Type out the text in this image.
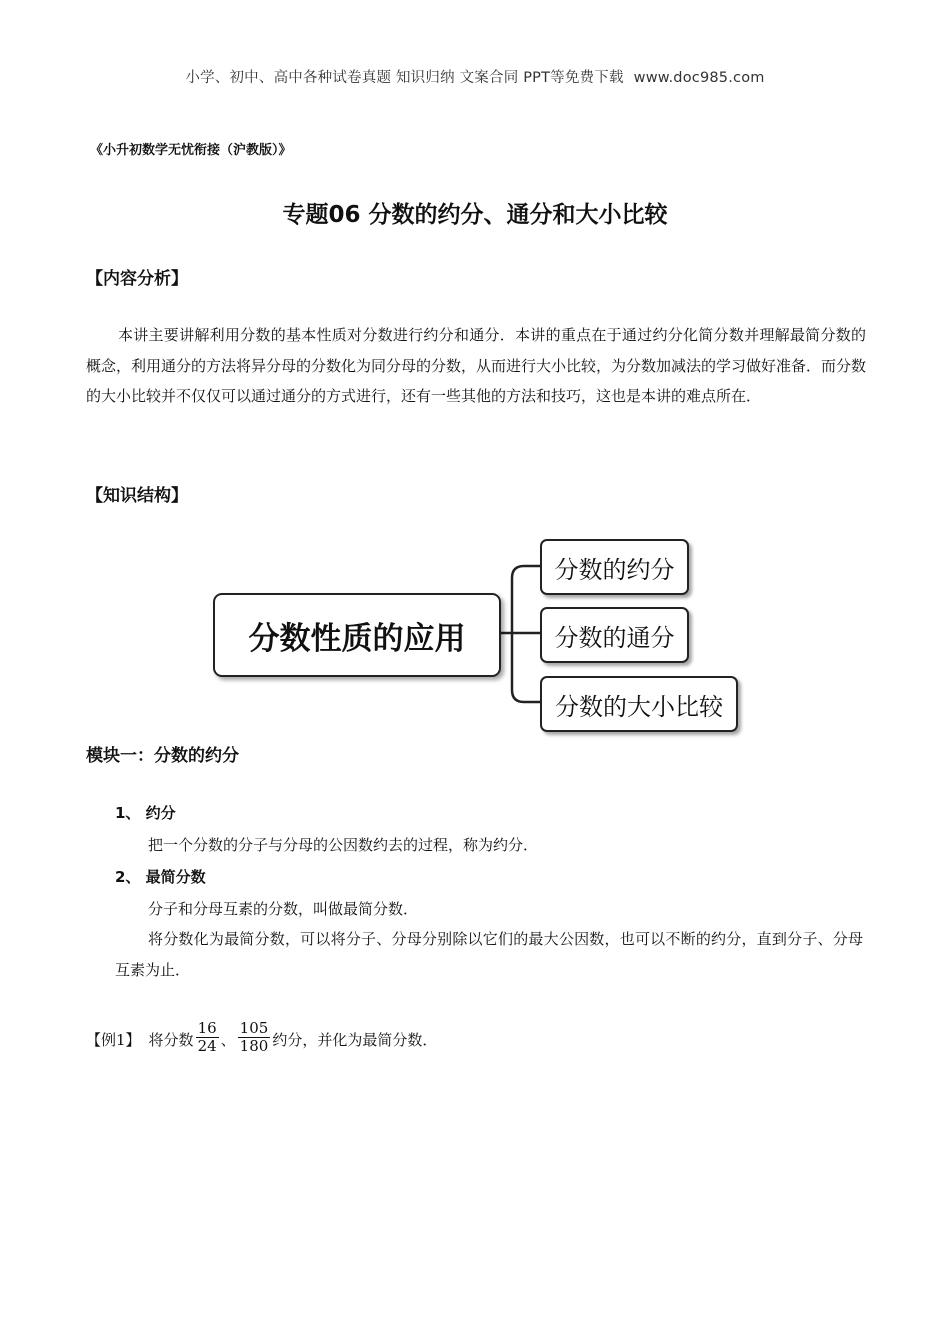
小学、初中、高中各种试卷真题 知识归纳 文案合同 PPT等免费下载 www.doc985.com
《小升初数学无忧衔接（沪教版）》
专题06 分数的约分、通分和大小比较
【内容分析】
本讲主要讲解利用分数的基本性质对分数进行约分和通分．本讲的重点在于通过约分化简分数并理解最简分数的概念，利用通分的方法将异分母的分数化为同分母的分数，从而进行大小比较，为分数加减法的学习做好准备．而分数的大小比较并不仅仅可以通过通分的方式进行，还有一些其他的方法和技巧，这也是本讲的难点所在．
【知识结构】
分数性质的应用
分数的约分
分数的通分
分数的大小比较
模块一：分数的约分
1、 约分
把一个分数的分子与分母的公因数约去的过程，称为约分．
2、 最简分数
分子和分母互素的分数，叫做最简分数．
将分数化为最简分数，可以将分子、分母分别除以它们的最大公因数，也可以不断的约分，直到分子、分母互素为止．
【例1】 将分数 $\frac{16}{24}$ 、 $\frac{105}{180}$ 约分，并化为最简分数．
